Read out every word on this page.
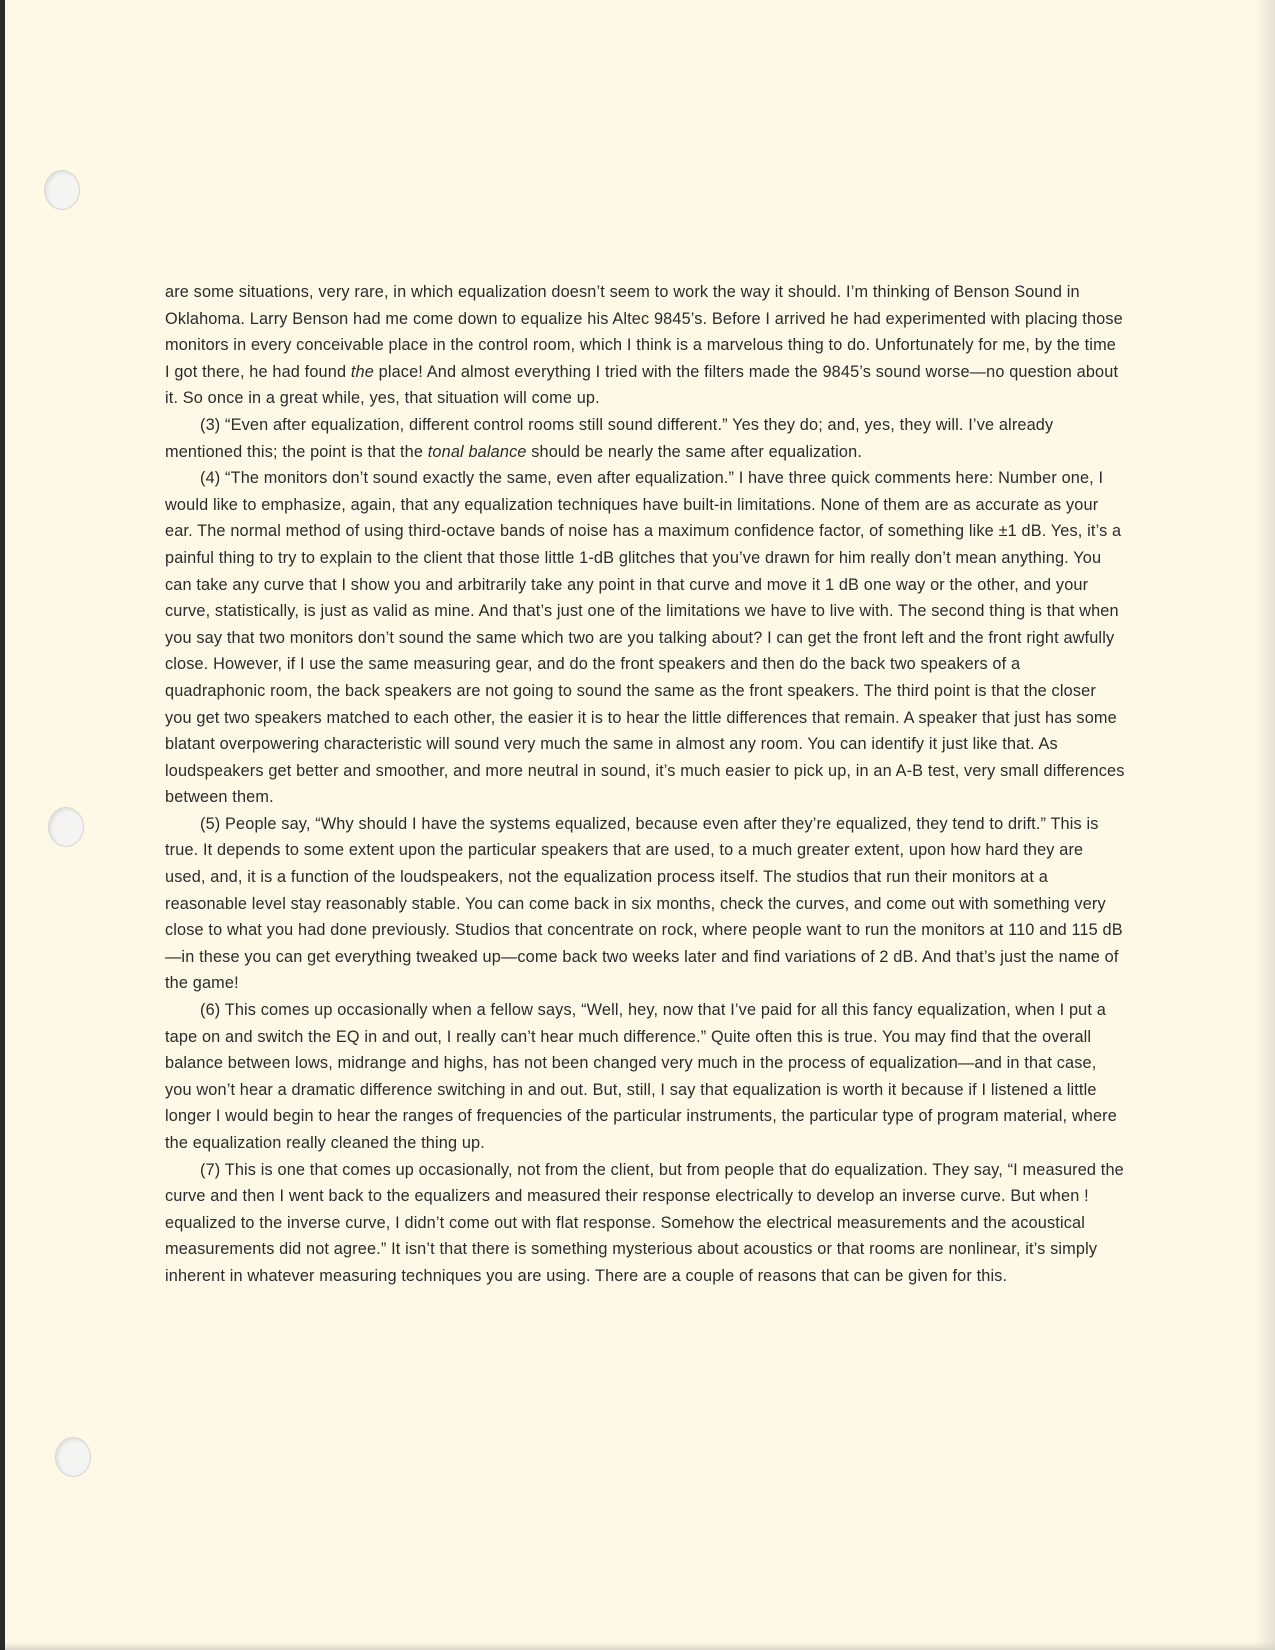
are some situations, very rare, in which equalization doesn’t seem to work the way it should. I’m thinking of Benson Sound in Oklahoma. Larry Benson had me come down to equalize his Altec 9845’s. Before I arrived he had experimented with placing those monitors in every conceivable place in the control room, which I think is a marvelous thing to do. Unfortunately for me, by the time I got there, he had found the place! And almost everything I tried with the filters made the 9845’s sound worse—no question about it. So once in a great while, yes, that situation will come up.

(3) “Even after equalization, different control rooms still sound different.” Yes they do; and, yes, they will. I’ve already mentioned this; the point is that the tonal balance should be nearly the same after equalization.

(4) “The monitors don’t sound exactly the same, even after equalization.” I have three quick comments here: Number one, I would like to emphasize, again, that any equalization techniques have built-in limitations. None of them are as accurate as your ear. The normal method of using third-octave bands of noise has a maximum confidence factor, of something like ±1 dB. Yes, it’s a painful thing to try to explain to the client that those little 1-dB glitches that you’ve drawn for him really don’t mean anything. You can take any curve that I show you and arbitrarily take any point in that curve and move it 1 dB one way or the other, and your curve, statistically, is just as valid as mine. And that’s just one of the limitations we have to live with. The second thing is that when you say that two monitors don’t sound the same which two are you talking about? I can get the front left and the front right awfully close. However, if I use the same measuring gear, and do the front speakers and then do the back two speakers of a quadraphonic room, the back speakers are not going to sound the same as the front speakers. The third point is that the closer you get two speakers matched to each other, the easier it is to hear the little differences that remain. A speaker that just has some blatant overpowering characteristic will sound very much the same in almost any room. You can identify it just like that. As loudspeakers get better and smoother, and more neutral in sound, it’s much easier to pick up, in an A-B test, very small differences between them.

(5) People say, “Why should I have the systems equalized, because even after they’re equalized, they tend to drift.” This is true. It depends to some extent upon the particular speakers that are used, to a much greater extent, upon how hard they are used, and, it is a function of the loudspeakers, not the equalization process itself. The studios that run their monitors at a reasonable level stay reasonably stable. You can come back in six months, check the curves, and come out with something very close to what you had done previously. Studios that concentrate on rock, where people want to run the monitors at 110 and 115 dB—in these you can get everything tweaked up—come back two weeks later and find variations of 2 dB. And that’s just the name of the game!

(6) This comes up occasionally when a fellow says, “Well, hey, now that I’ve paid for all this fancy equalization, when I put a tape on and switch the EQ in and out, I really can’t hear much difference.” Quite often this is true. You may find that the overall balance between lows, midrange and highs, has not been changed very much in the process of equalization—and in that case, you won’t hear a dramatic difference switching in and out. But, still, I say that equalization is worth it because if I listened a little longer I would begin to hear the ranges of frequencies of the particular instruments, the particular type of program material, where the equalization really cleaned the thing up.

(7) This is one that comes up occasionally, not from the client, but from people that do equalization. They say, “I measured the curve and then I went back to the equalizers and measured their response electrically to develop an inverse curve. But when ! equalized to the inverse curve, I didn’t come out with flat response. Somehow the electrical measurements and the acoustical measurements did not agree.” It isn’t that there is something mysterious about acoustics or that rooms are nonlinear, it’s simply inherent in whatever measuring techniques you are using. There are a couple of reasons that can be given for this.
